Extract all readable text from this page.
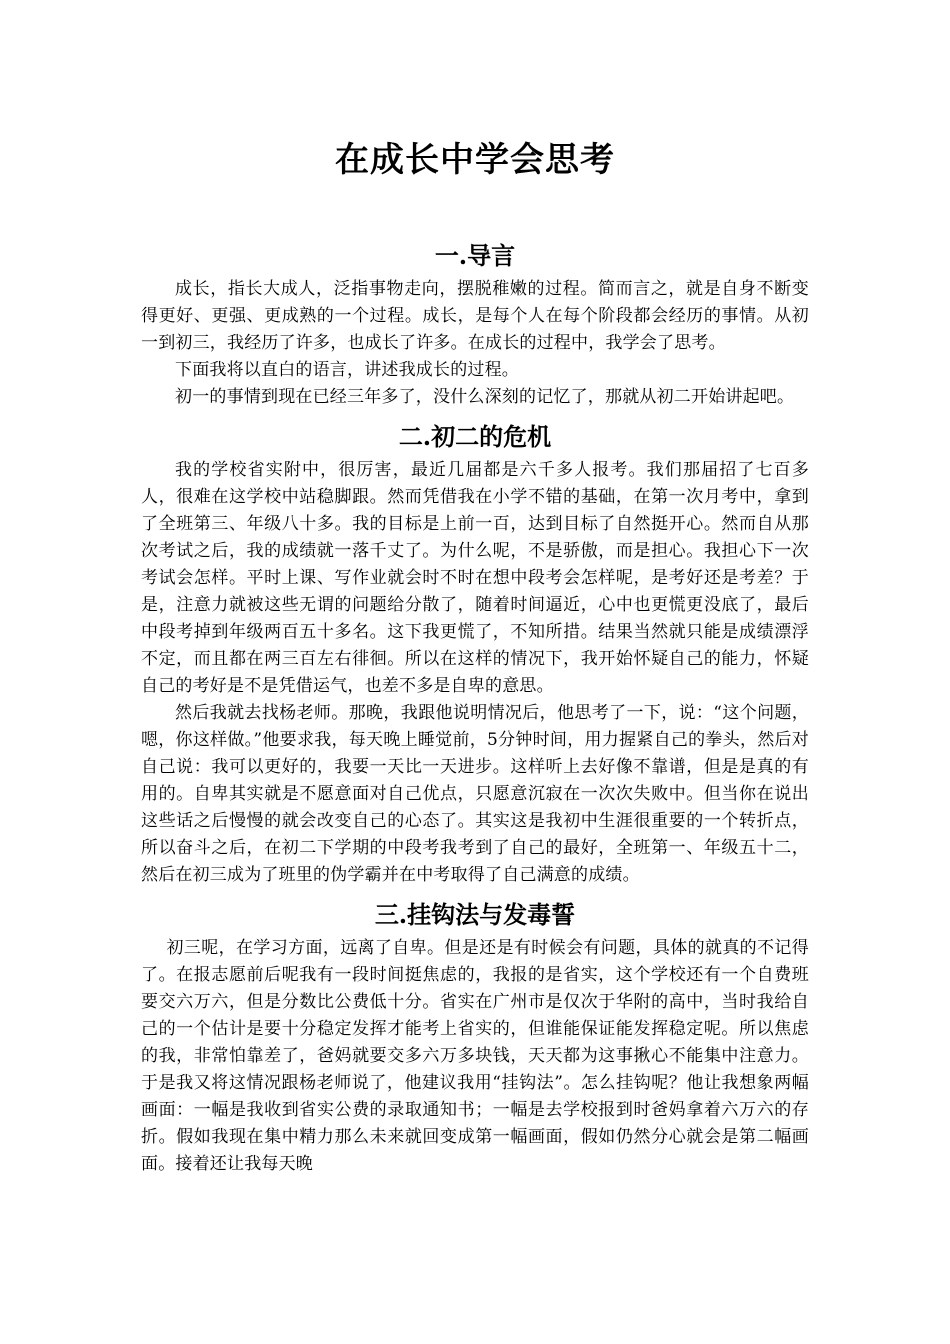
在成长中学会思考
一.导言

成长，指长大成人，泛指事物走向，摆脱稚嫩的过程。简而言之，就是自身不断变得更好、更强、更成熟的一个过程。成长，是每个人在每个阶段都会经历的事情。从初一到初三，我经历了许多，也成长了许多。在成长的过程中，我学会了思考。

下面我将以直白的语言，讲述我成长的过程。

初一的事情到现在已经三年多了，没什么深刻的记忆了，那就从初二开始讲起吧。

二.初二的危机

我的学校省实附中，很厉害，最近几届都是六千多人报考。我们那届招了七百多人，很难在这学校中站稳脚跟。然而凭借我在小学不错的基础，在第一次月考中，拿到了全班第三、年级八十多。我的目标是上前一百，达到目标了自然挺开心。然而自从那次考试之后，我的成绩就一落千丈了。为什么呢，不是骄傲，而是担心。我担心下一次考试会怎样。平时上课、写作业就会时不时在想中段考会怎样呢，是考好还是考差？于是，注意力就被这些无谓的问题给分散了，随着时间逼近，心中也更慌更没底了，最后中段考掉到年级两百五十多名。这下我更慌了，不知所措。结果当然就只能是成绩漂浮不定，而且都在两三百左右徘徊。所以在这样的情况下，我开始怀疑自己的能力，怀疑自己的考好是不是凭借运气，也差不多是自卑的意思。

然后我就去找杨老师。那晚，我跟他说明情况后，他思考了一下，说：“这个问题，嗯，你这样做。”他要求我，每天晚上睡觉前，5分钟时间，用力握紧自己的拳头，然后对自己说：我可以更好的，我要一天比一天进步。这样听上去好像不靠谱，但是是真的有用的。自卑其实就是不愿意面对自己优点，只愿意沉寂在一次次失败中。但当你在说出这些话之后慢慢的就会改变自己的心态了。其实这是我初中生涯很重要的一个转折点，所以奋斗之后，在初二下学期的中段考我考到了自己的最好，全班第一、年级五十二，然后在初三成为了班里的伪学霸并在中考取得了自己满意的成绩。

三.挂钩法与发毒誓

初三呢，在学习方面，远离了自卑。但是还是有时候会有问题，具体的就真的不记得了。在报志愿前后呢我有一段时间挺焦虑的，我报的是省实，这个学校还有一个自费班要交六万六，但是分数比公费低十分。省实在广州市是仅次于华附的高中，当时我给自己的一个估计是要十分稳定发挥才能考上省实的，但谁能保证能发挥稳定呢。所以焦虑的我，非常怕靠差了，爸妈就要交多六万多块钱，天天都为这事揪心不能集中注意力。于是我又将这情况跟杨老师说了，他建议我用“挂钩法”。怎么挂钩呢？他让我想象两幅画面：一幅是我收到省实公费的录取通知书；一幅是去学校报到时爸妈拿着六万六的存折。假如我现在集中精力那么未来就回变成第一幅画面，假如仍然分心就会是第二幅画面。接着还让我每天晚
